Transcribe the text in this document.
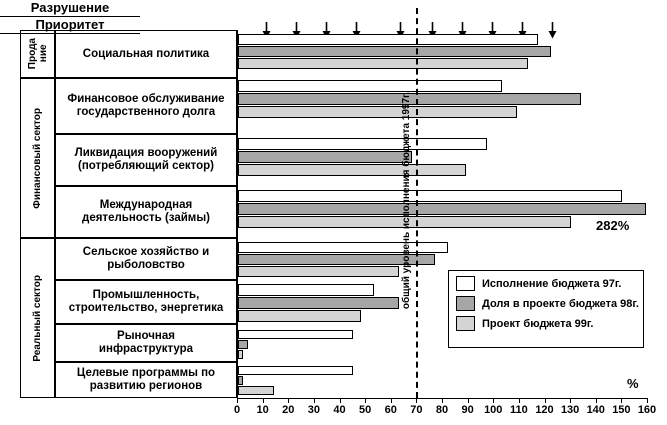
Разрушение
Приоритет
Социальная политика
Финансовое обслуживание
государственного долга
Ликвидация вооружений
(потребляющий сектор)
Международная
деятельность (займы)
Сельское хозяйство и
рыболовство
Промышленность,
строительство, энергетика
Рыночная
инфраструктура
Целевые программы по
развитию регионов
Прода
ние
Финансовый сектор
Реальный сектор
общий уровень исполнения бюджета 1997г.	282%
0	10	20	30	40	50	60	70	80	90 100 110 120 130 140 150 160
%
Исполнение бюджета 97г.
Доля в проекте бюджета 98г.
Проект бюджета 99г.
